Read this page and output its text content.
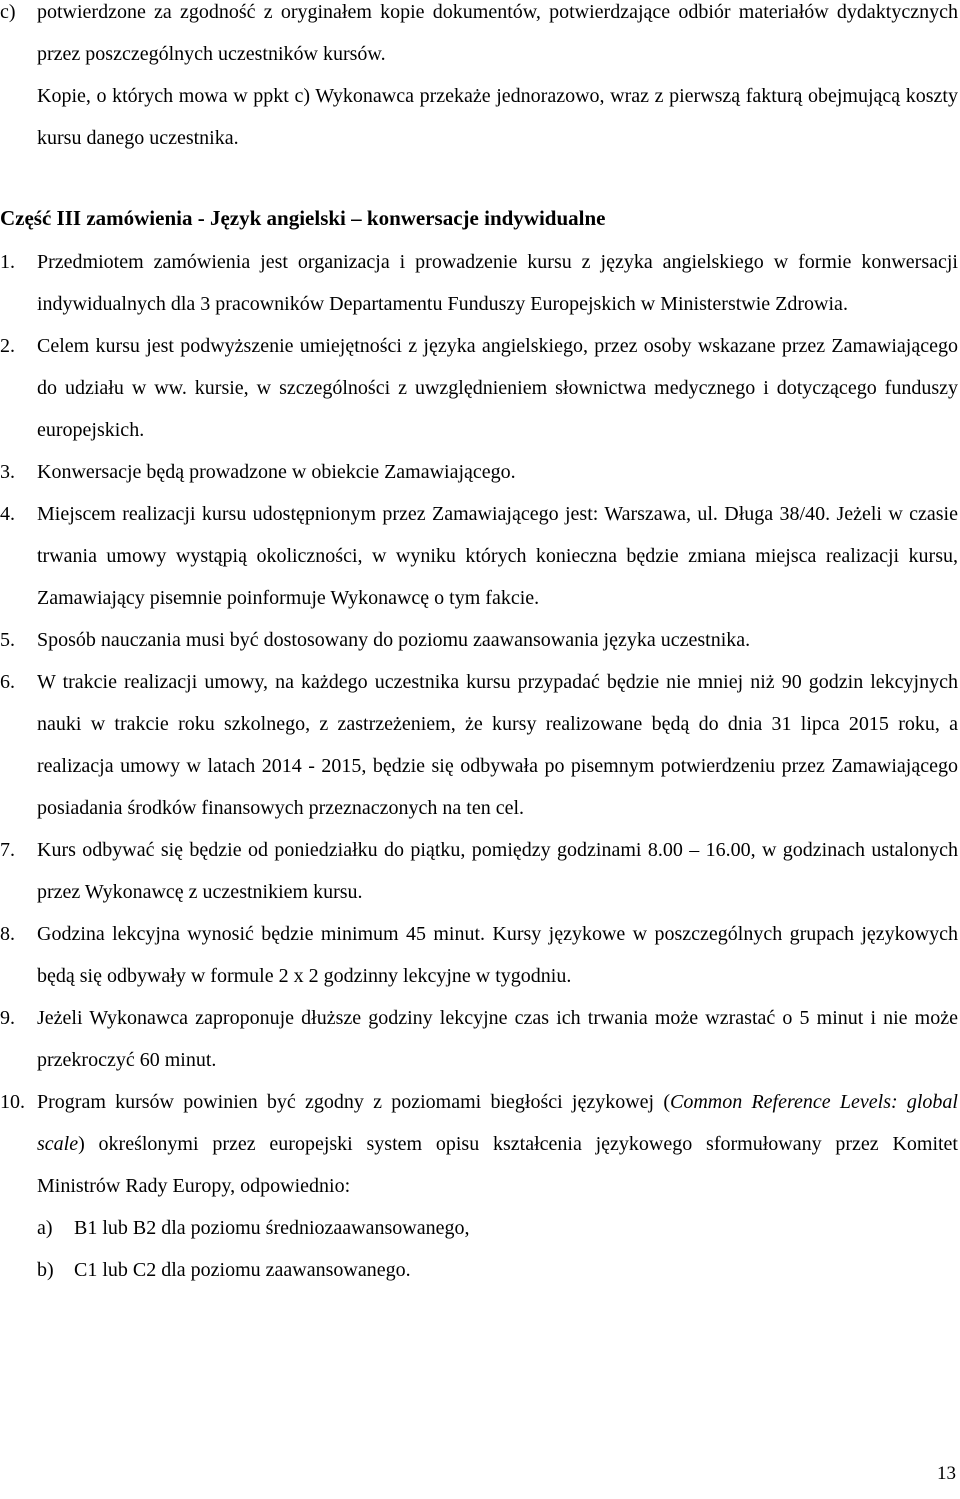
c)	potwierdzone za zgodność z oryginałem kopie dokumentów, potwierdzające odbiór materiałów dydaktycznych przez poszczególnych uczestników kursów.
Kopie, o których mowa w ppkt c) Wykonawca przekaże jednorazowo, wraz z pierwszą fakturą obejmującą koszty kursu danego uczestnika.
Część III zamówienia - Język angielski – konwersacje indywidualne
1.	Przedmiotem zamówienia jest organizacja i prowadzenie kursu z języka angielskiego w formie konwersacji indywidualnych dla 3 pracowników Departamentu Funduszy Europejskich w Ministerstwie Zdrowia.
2.	Celem kursu jest podwyższenie umiejętności z języka angielskiego, przez osoby wskazane przez Zamawiającego do udziału w ww. kursie, w szczególności z uwzględnieniem słownictwa medycznego i dotyczącego funduszy europejskich.
3.	Konwersacje będą prowadzone w obiekcie Zamawiającego.
4.	Miejscem realizacji kursu udostępnionym przez Zamawiającego jest: Warszawa, ul. Długa 38/40. Jeżeli w czasie trwania umowy wystąpią okoliczności, w wyniku których konieczna będzie zmiana miejsca realizacji kursu, Zamawiający pisemnie poinformuje Wykonawcę o tym fakcie.
5.	Sposób nauczania musi być dostosowany do poziomu zaawansowania języka uczestnika.
6.	W trakcie realizacji umowy, na każdego uczestnika kursu przypadać będzie nie mniej niż 90 godzin lekcyjnych nauki w trakcie roku szkolnego, z zastrzeżeniem, że kursy realizowane będą do dnia 31 lipca 2015 roku, a realizacja umowy w latach 2014 - 2015, będzie się odbywała po pisemnym potwierdzeniu przez Zamawiającego posiadania środków finansowych przeznaczonych na ten cel.
7.	Kurs odbywać się będzie od poniedziałku do piątku, pomiędzy godzinami 8.00 – 16.00, w godzinach ustalonych przez Wykonawcę z uczestnikiem kursu.
8.	Godzina lekcyjna wynosić będzie minimum 45 minut. Kursy językowe w poszczególnych grupach językowych będą się odbywały w formule 2 x 2 godzinny lekcyjne w tygodniu.
9.	Jeżeli Wykonawca zaproponuje dłuższe godziny lekcyjne czas ich trwania może wzrastać o 5 minut i nie może przekroczyć 60 minut.
10. Program kursów powinien być zgodny z poziomami biegłości językowej (Common Reference Levels: global scale) określonymi przez europejski system opisu kształcenia językowego sformułowany przez Komitet Ministrów Rady Europy, odpowiednio:
a)	B1 lub B2 dla poziomu średniozaawansowanego,
b)	C1 lub C2 dla poziomu zaawansowanego.
13
